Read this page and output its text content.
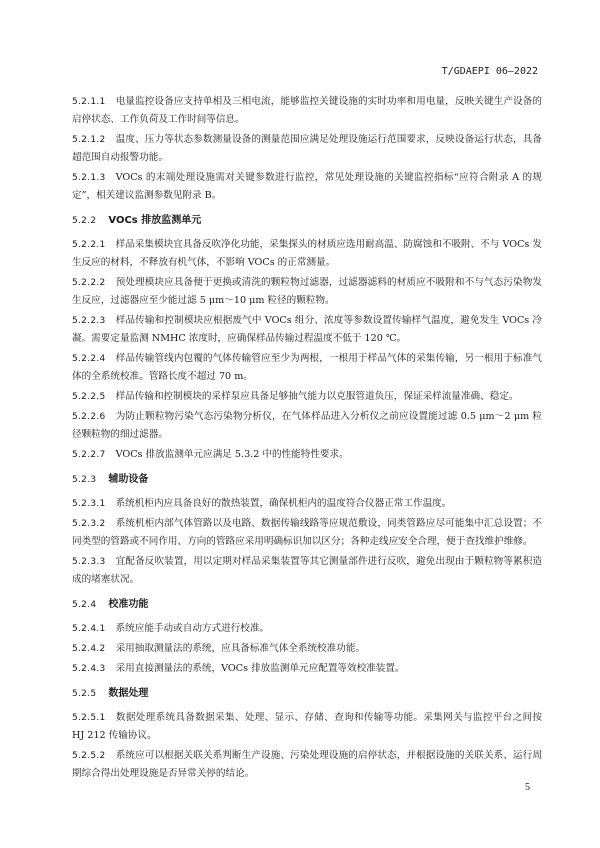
T/GDAEPI 06—2022
5.2.1.1 电量监控设备应支持单相及三相电流，能够监控关键设施的实时功率和用电量，反映关键生产设备的启停状态、工作负荷及工作时间等信息。
5.2.1.2 温度、压力等状态参数测量设备的测量范围应满足处理设施运行范围要求，反映设备运行状态，具备超范围自动报警功能。
5.2.1.3 VOCs 的末端处理设施需对关键参数进行监控，常见处理设施的关键监控指标“应符合附录 A 的规定”，相关建议监测参数见附录 B。
5.2.2 VOCs 排放监测单元
5.2.2.1 样品采集模块宜具备反吹净化功能，采集探头的材质应选用耐高温、防腐蚀和不吸附、不与 VOCs 发生反应的材料，不释放有机气体，不影响 VOCs 的正常测量。
5.2.2.2 预处理模块应具备便于更换或清洗的颗粒物过滤器，过滤器滤料的材质应不吸附和不与气态污染物发生反应，过滤器应至少能过滤 5 μm～10 μm 粒径的颗粒物。
5.2.2.3 样品传输和控制模块应根据废气中 VOCs 组分、浓度等参数设置传输样气温度，避免发生 VOCs 冷凝。需要定量监测 NMHC 浓度时，应确保样品传输过程温度不低于 120 ℃。
5.2.2.4 样品传输管线内包覆的气体传输管应至少为两根，一根用于样品气体的采集传输，另一根用于标准气体的全系统校准。管路长度不超过 70 m。
5.2.2.5 样品传输和控制模块的采样泵应具备足够抽气能力以克服管道负压，保证采样流量准确、稳定。
5.2.2.6 为防止颗粒物污染气态污染物分析仪，在气体样品进入分析仪之前应设置能过滤 0.5 μm～2 μm 粒径颗粒物的细过滤器。
5.2.2.7 VOCs 排放监测单元应满足 5.3.2 中的性能特性要求。
5.2.3 辅助设备
5.2.3.1 系统机柜内应具备良好的散热装置，确保机柜内的温度符合仪器正常工作温度。
5.2.3.2 系统机柜内部气体管路以及电路、数据传输线路等应规范敷设，同类管路应尽可能集中汇总设置；不同类型的管路或不同作用、方向的管路应采用明确标识加以区分；各种走线应安全合理，便于查找维护维修。
5.2.3.3 宜配备反吹装置，用以定期对样品采集装置等其它测量部件进行反吹，避免出现由于颗粒物等累积造成的堵塞状况。
5.2.4 校准功能
5.2.4.1 系统应能手动或自动方式进行校准。
5.2.4.2 采用抽取测量法的系统，应具备标准气体全系统校准功能。
5.2.4.3 采用直接测量法的系统，VOCs 排放监测单元应配置等效校准装置。
5.2.5 数据处理
5.2.5.1 数据处理系统具备数据采集、处理、显示、存储、查询和传输等功能。采集网关与监控平台之间按 HJ 212 传输协议。
5.2.5.2 系统应可以根据关联关系判断生产设施、污染处理设施的启停状态，并根据设施的关联关系、运行周期综合得出处理设施是否异常关停的结论。
5
